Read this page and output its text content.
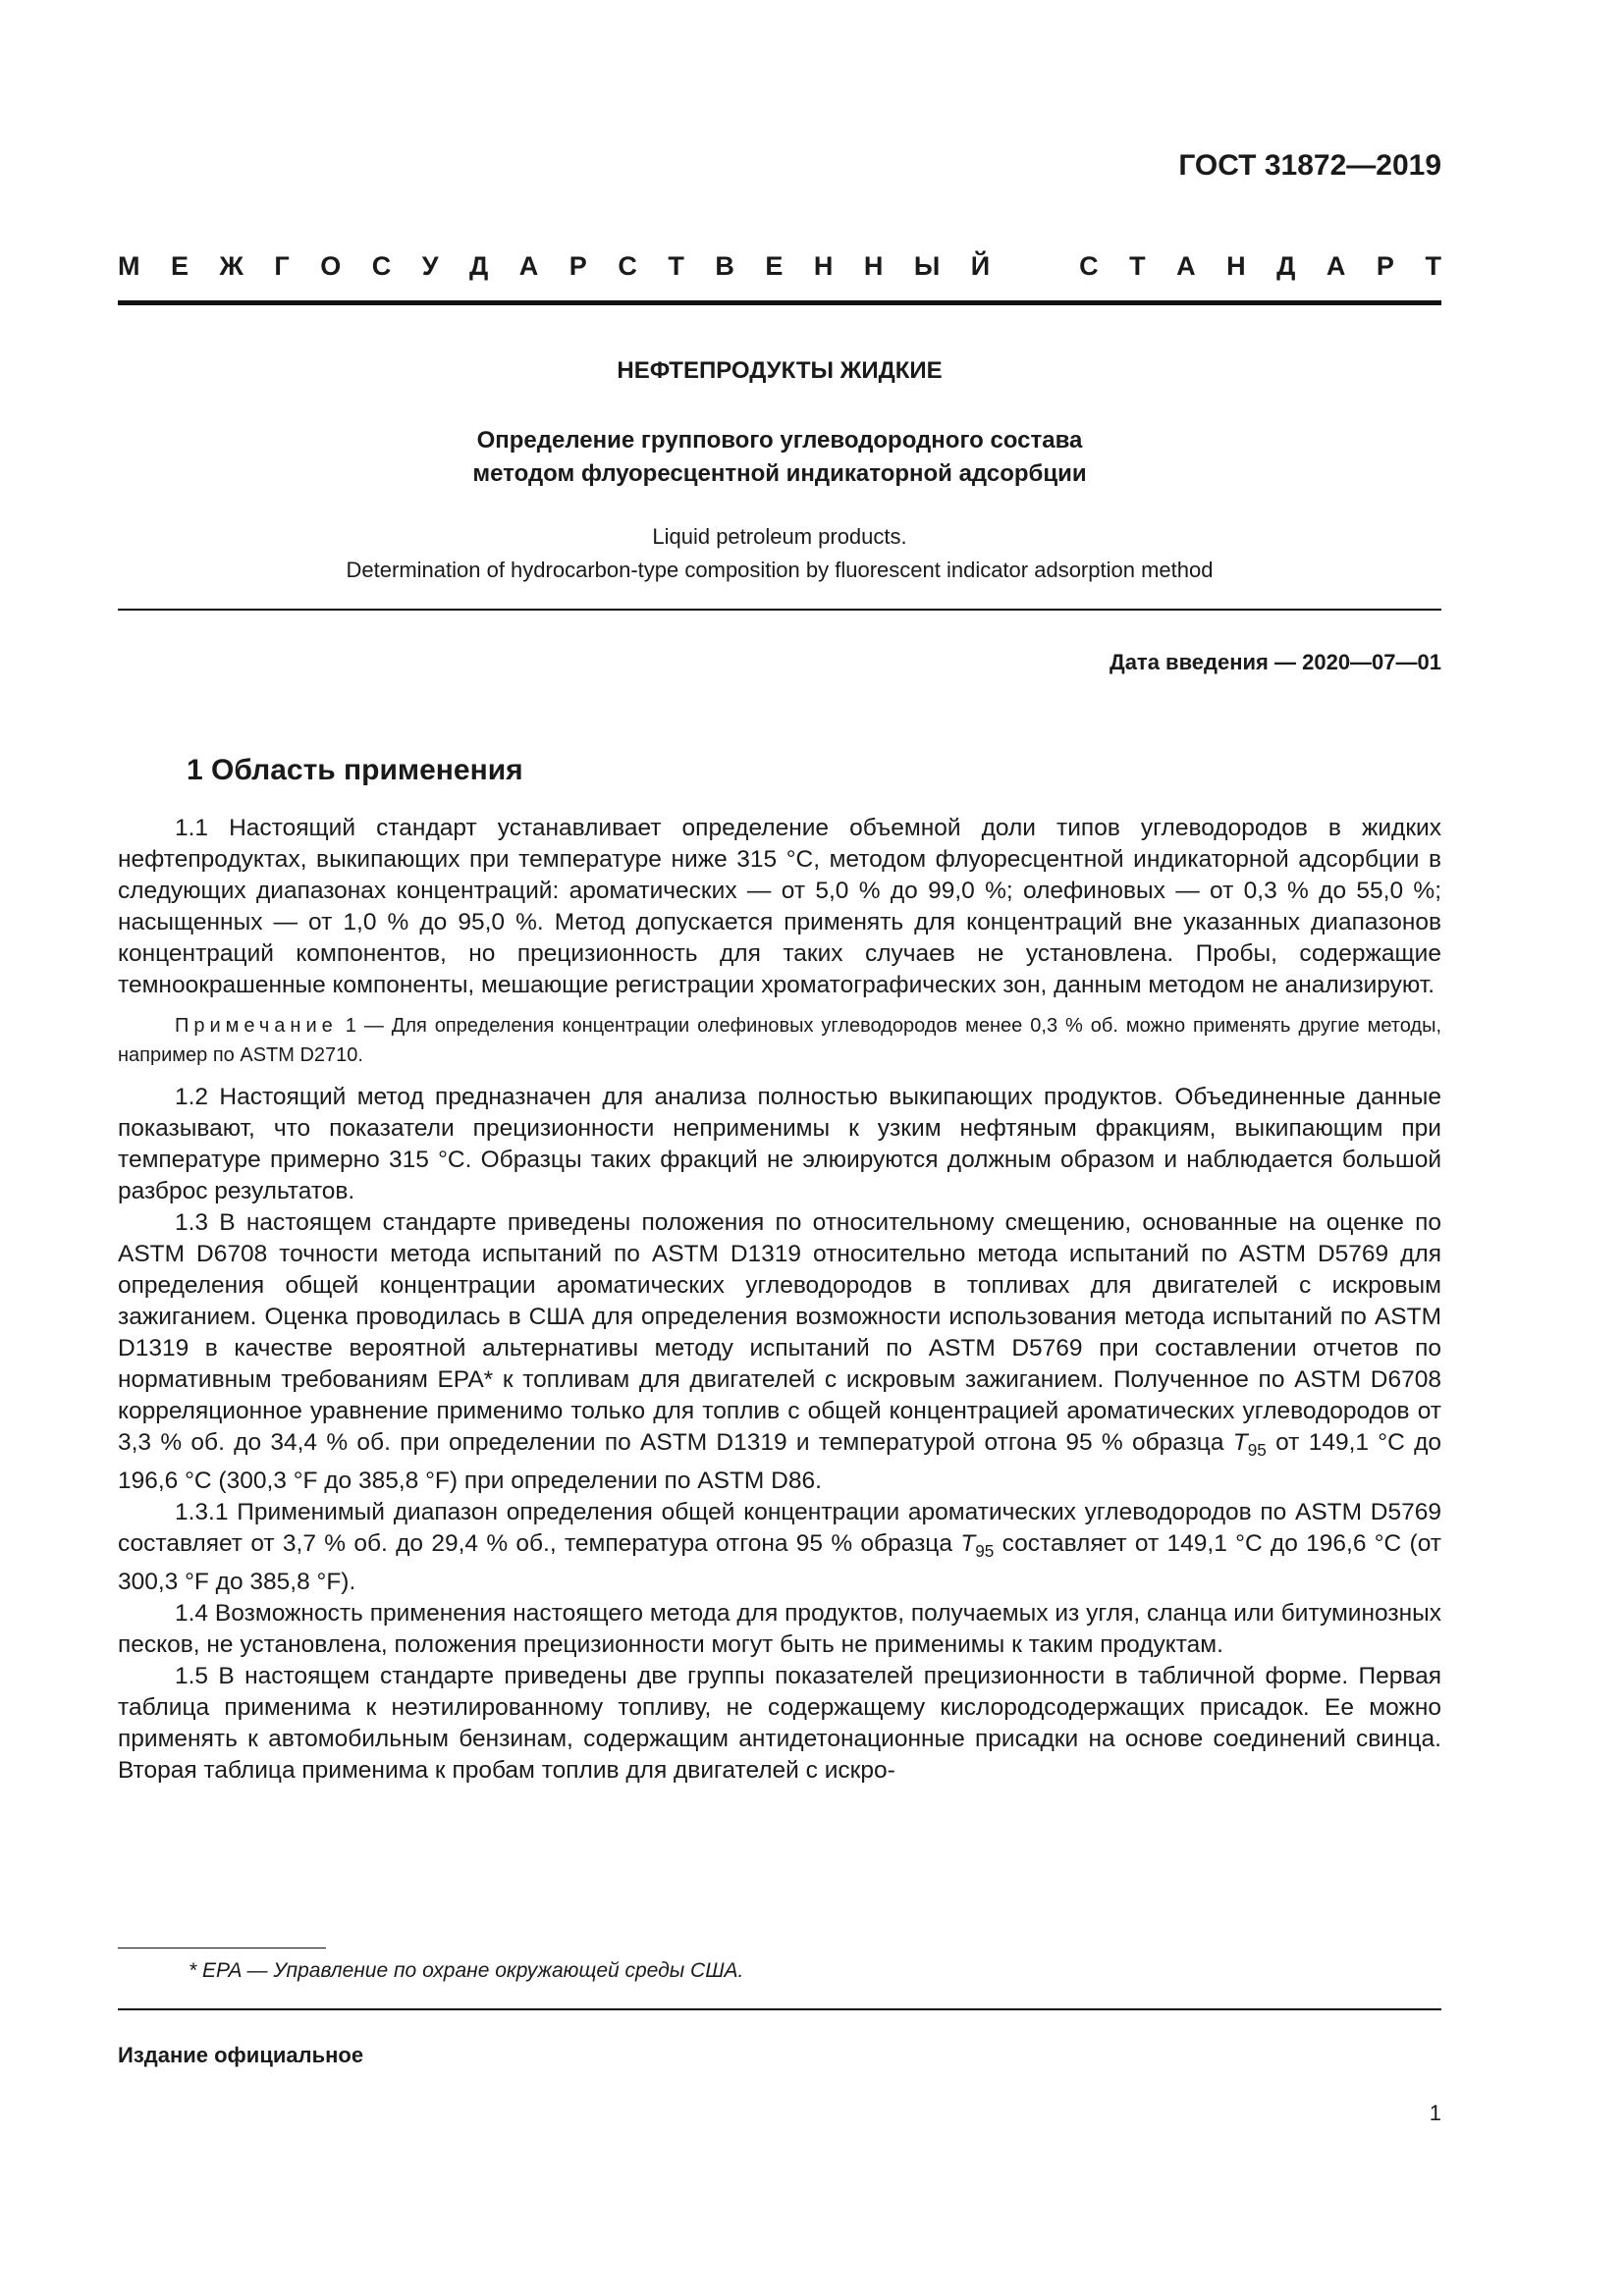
ГОСТ 31872—2019
М Е Ж Г О С У Д А Р С Т В Е Н Н Ы Й	С Т А Н Д А Р Т
НЕФТЕПРОДУКТЫ ЖИДКИЕ
Определение группового углеводородного состава
методом флуоресцентной индикаторной адсорбции
Liquid petroleum products.
Determination of hydrocarbon-type composition by fluorescent indicator adsorption method
Дата введения — 2020—07—01
1 Область применения

1.1 Настоящий стандарт устанавливает определение объемной доли типов углеводородов в жидких нефтепродуктах, выкипающих при температуре ниже 315 °С, методом флуоресцентной индикаторной адсорбции в следующих диапазонах концентраций: ароматических — от 5,0 % до 99,0 %; олефиновых — от 0,3 % до 55,0 %; насыщенных — от 1,0 % до 95,0 %. Метод допускается применять для концентраций вне указанных диапазонов концентраций компонентов, но прецизионность для таких случаев не установлена. Пробы, содержащие темноокрашенные компоненты, мешающие регистрации хроматографических зон, данным методом не анализируют.

Примечание 1 — Для определения концентрации олефиновых углеводородов менее 0,3 % об. можно применять другие методы, например по ASTM D2710.

1.2 Настоящий метод предназначен для анализа полностью выкипающих продуктов. Объединенные данные показывают, что показатели прецизионности неприменимы к узким нефтяным фракциям, выкипающим при температуре примерно 315 °С. Образцы таких фракций не элюируются должным образом и наблюдается большой разброс результатов.

1.3 В настоящем стандарте приведены положения по относительному смещению, основанные на оценке по ASTM D6708 точности метода испытаний по ASTM D1319 относительно метода испытаний по ASTM D5769 для определения общей концентрации ароматических углеводородов в топливах для двигателей с искровым зажиганием. Оценка проводилась в США для определения возможности использования метода испытаний по ASTM D1319 в качестве вероятной альтернативы методу испытаний по ASTM D5769 при составлении отчетов по нормативным требованиям EPA* к топливам для двигателей с искровым зажиганием. Полученное по ASTM D6708 корреляционное уравнение применимо только для топлив с общей концентрацией ароматических углеводородов от 3,3 % об. до 34,4 % об. при определении по ASTM D1319 и температурой отгона 95 % образца $T_{95}$ от 149,1 °С до 196,6 °С (300,3 °F до 385,8 °F) при определении по ASTM D86.

1.3.1 Применимый диапазон определения общей концентрации ароматических углеводородов по ASTM D5769 составляет от 3,7 % об. до 29,4 % об., температура отгона 95 % образца $T_{95}$ составляет от 149,1 °С до 196,6 °С (от 300,3 °F до 385,8 °F).

1.4 Возможность применения настоящего метода для продуктов, получаемых из угля, сланца или битуминозных песков, не установлена, положения прецизионности могут быть не применимы к таким продуктам.

1.5 В настоящем стандарте приведены две группы показателей прецизионности в табличной форме. Первая таблица применима к неэтилированному топливу, не содержащему кислородсодержащих присадок. Ее можно применять к автомобильным бензинам, содержащим антидетонационные присадки на основе соединений свинца. Вторая таблица применима к пробам топлив для двигателей с искро-

* EPA — Управление по охране окружающей среды США.
Издание официальное
1
